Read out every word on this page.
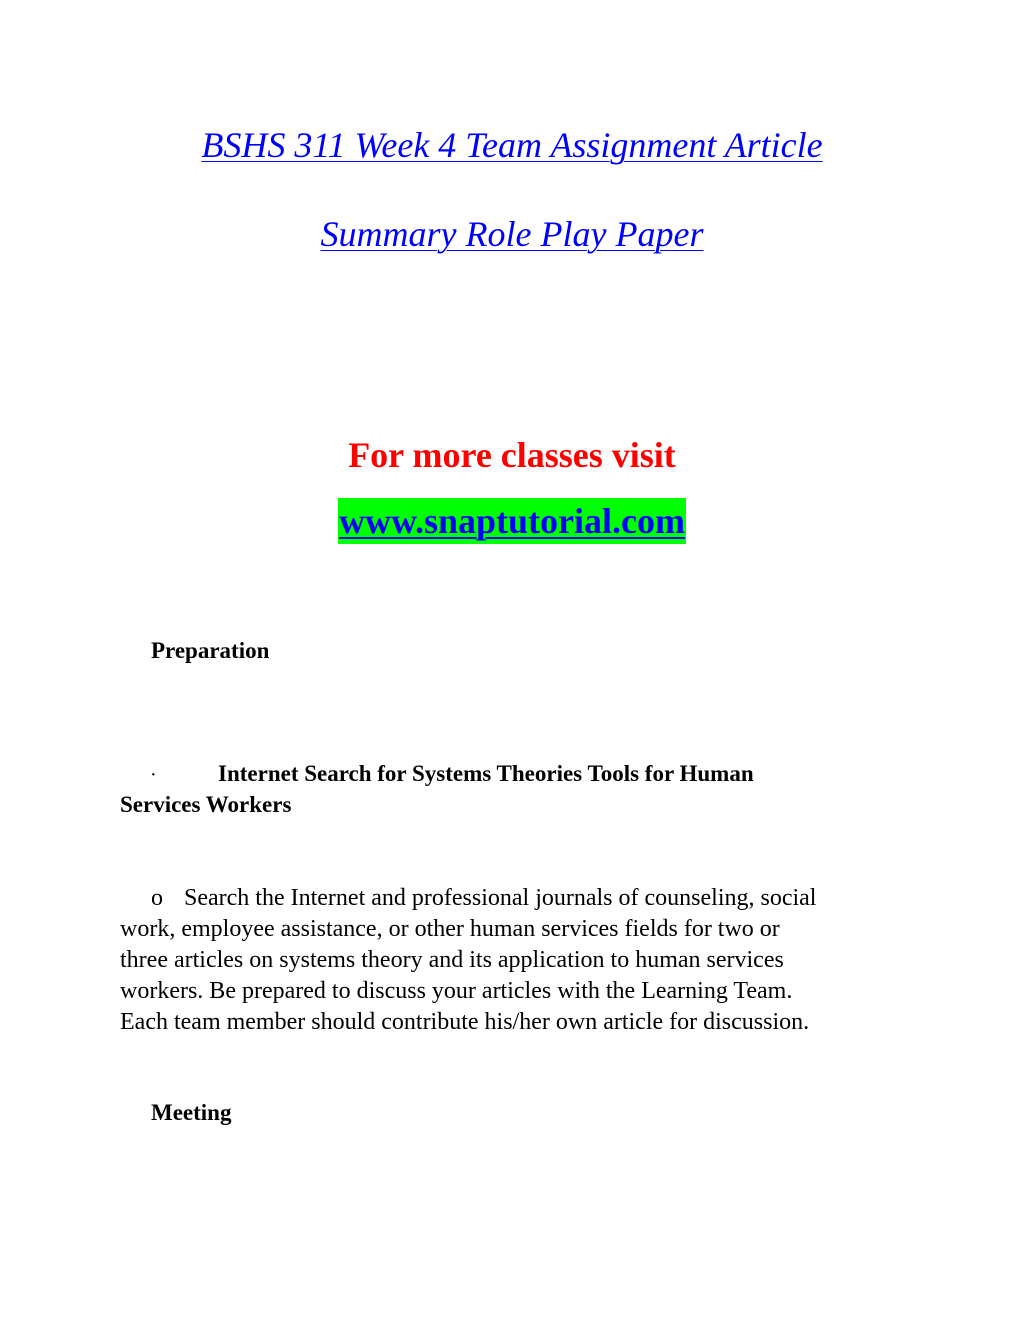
BSHS 311 Week 4 Team Assignment Article
Summary Role Play Paper
For more classes visit
www.snaptutorial.com
Preparation
·	Internet Search for Systems Theories Tools for Human
Services Workers
o Search the Internet and professional journals of counseling, social
work, employee assistance, or other human services fields for two or
three articles on systems theory and its application to human services
workers. Be prepared to discuss your articles with the Learning Team.
Each team member should contribute his/her own article for discussion.
Meeting
